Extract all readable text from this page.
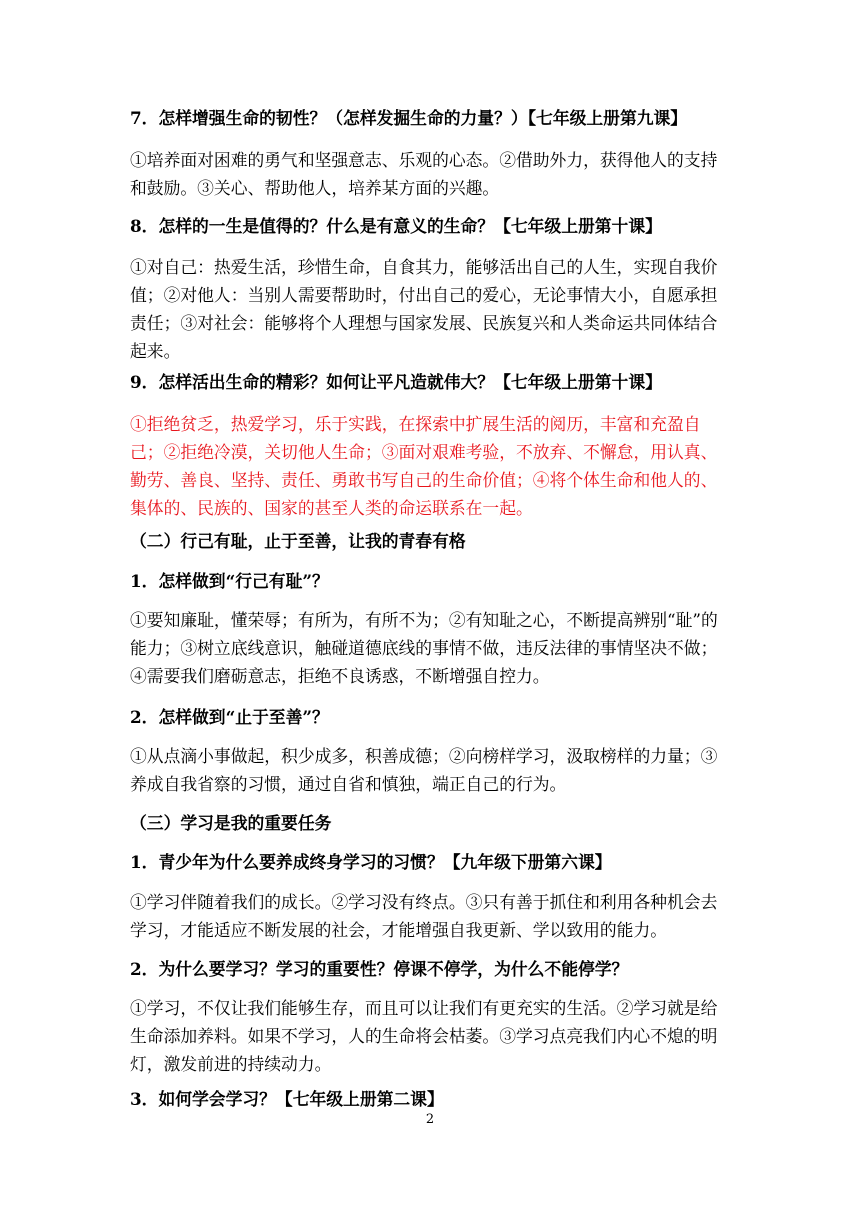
7．怎样增强生命的韧性？（怎样发掘生命的力量？）【七年级上册第九课】

①培养面对困难的勇气和坚强意志、乐观的心态。②借助外力，获得他人的支持和鼓励。③关心、帮助他人，培养某方面的兴趣。

8．怎样的一生是值得的？什么是有意义的生命？【七年级上册第十课】

①对自己：热爱生活，珍惜生命，自食其力，能够活出自己的人生，实现自我价值；②对他人：当别人需要帮助时，付出自己的爱心，无论事情大小，自愿承担责任；③对社会：能够将个人理想与国家发展、民族复兴和人类命运共同体结合起来。

9．怎样活出生命的精彩？如何让平凡造就伟大？【七年级上册第十课】

①拒绝贫乏，热爱学习，乐于实践，在探索中扩展生活的阅历，丰富和充盈自己；②拒绝冷漠，关切他人生命；③面对艰难考验，不放弃、不懈怠，用认真、勤劳、善良、坚持、责任、勇敢书写自己的生命价值；④将个体生命和他人的、集体的、民族的、国家的甚至人类的命运联系在一起。

（二）行己有耻，止于至善，让我的青春有格

1．怎样做到“行己有耻”？

①要知廉耻，懂荣辱；有所为，有所不为；②有知耻之心，不断提高辨别“耻”的能力；③树立底线意识，触碰道德底线的事情不做，违反法律的事情坚决不做；④需要我们磨砺意志，拒绝不良诱惑，不断增强自控力。

2．怎样做到“止于至善”？

①从点滴小事做起，积少成多，积善成德；②向榜样学习，汲取榜样的力量；③养成自我省察的习惯，通过自省和慎独，端正自己的行为。

（三）学习是我的重要任务

1．青少年为什么要养成终身学习的习惯？【九年级下册第六课】

①学习伴随着我们的成长。②学习没有终点。③只有善于抓住和利用各种机会去学习，才能适应不断发展的社会，才能增强自我更新、学以致用的能力。

2．为什么要学习？学习的重要性？停课不停学，为什么不能停学？

①学习，不仅让我们能够生存，而且可以让我们有更充实的生活。②学习就是给生命添加养料。如果不学习，人的生命将会枯萎。③学习点亮我们内心不熄的明灯，激发前进的持续动力。

3．如何学会学习？【七年级上册第二课】

2
